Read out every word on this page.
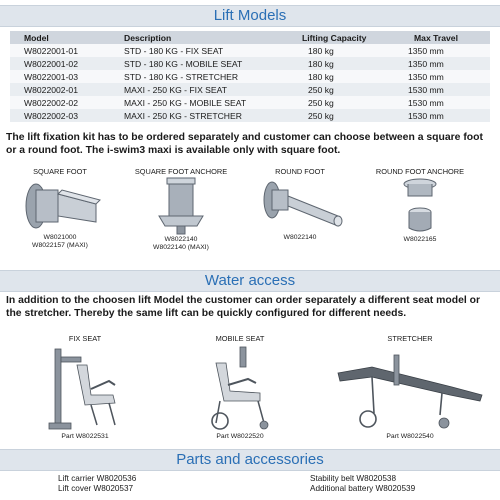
Lift Models
Model	Description	Lifting Capacity	Max Travel
W8022001-01	STD - 180 KG - FIX SEAT	180 kg	1350 mm
W8022001-02	STD - 180 KG - MOBILE SEAT	180 kg	1350 mm
W8022001-03	STD - 180 KG - STRETCHER	180 kg	1350 mm
W8022002-01	MAXI - 250 KG - FIX SEAT	250 kg	1530 mm
W8022002-02	MAXI - 250 KG - MOBILE SEAT	250 kg	1530 mm
W8022002-03	MAXI - 250 KG - STRETCHER	250 kg	1530 mm
The lift fixation kit has to be ordered separately and customer can choose between a square foot or a round foot. The i-swim3 maxi is available only with square foot.
SQUARE FOOT
W8021000
W8022157 (MAXI)
SQUARE FOOT ANCHORE
W8022140
W8022140 (MAXI)
ROUND FOOT
W8022140
ROUND FOOT ANCHORE
W8022165
Water access
In addition to the choosen lift Model the customer can order separately a different seat model or the stretcher. Thereby the same lift can be quickly configured for different needs.
FIX SEAT
Part W8022531
MOBILE SEAT
Part W8022520
STRETCHER
Part W8022540
Parts and accessories
Lift carrier W8020536
Lift cover W8020537
Stability belt W8020538
Additional battery W8020539
